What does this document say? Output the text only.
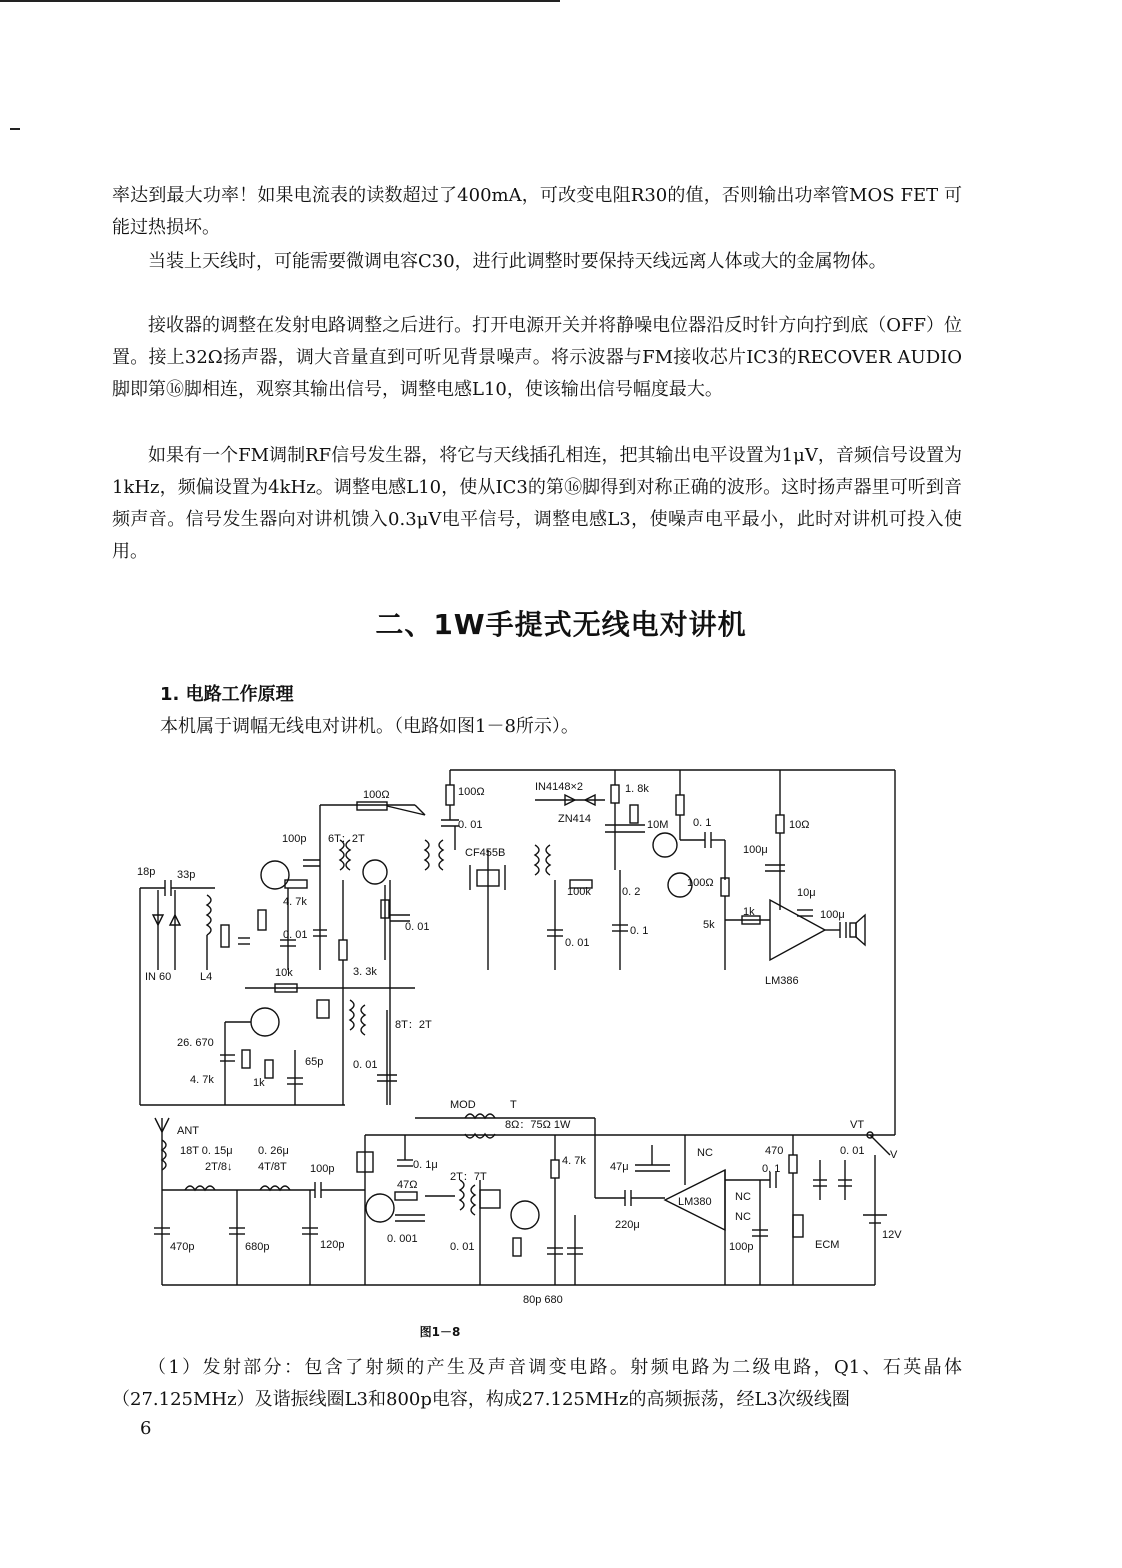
率达到最大功率！如果电流表的读数超过了400mA，可改变电阻R30的值，否则输出功率管MOS FET 可能过热损坏。

当装上天线时，可能需要微调电容C30，进行此调整时要保持天线远离人体或大的金属物体。

接收器的调整在发射电路调整之后进行。打开电源开关并将静噪电位器沿反时针方向拧到底（OFF）位置。接上32Ω扬声器，调大音量直到可听见背景噪声。将示波器与FM接收芯片IC3的RECOVER AUDIO脚即第⑯脚相连，观察其输出信号，调整电感L10，使该输出信号幅度最大。

如果有一个FM调制RF信号发生器，将它与天线插孔相连，把其输出电平设置为1μV，音频信号设置为1kHz，频偏设置为4kHz。调整电感L10，使从IC3的第⑯脚得到对称正确的波形。这时扬声器里可听到音频声音。信号发生器向对讲机馈入0.3μV电平信号，调整电感L3，使噪声电平最小，此时对讲机可投入使用。

二、1W手提式无线电对讲机
1. 电路工作原理
本机属于调幅无线电对讲机。（电路如图1－8所示）。
100Ω	100Ω
0. 01
IN4148×2	1. 8k
ZN414	10M 0. 1	10Ω
100p 6T：2T
CF455B	100μ
18p 33p
4. 7k
0. 01
0. 01
100k	0. 2
100Ω
10μ
100μ
1k
5k
0. 01
0. 1
IN 60	L4	3. 3k
10k
LM386
8T：2T
26. 670
65p
4. 7k	1k
0. 01
MOD	T
8Ω：75Ω 1W	VT
ANT
18T 0. 15μ
2T/8↓
0. 26μ
4T/8T 100p	0. 1μ
47Ω
2T：7T
4. 7k 47μ
NC	470	0. 01 V
0. 1
LM380 NC
NC
220μ
470p	680p	120p	0. 001
0. 01	100p	ECM
12V
80p 680
图1－8

（1）发射部分：包含了射频的产生及声音调变电路。射频电路为二级电路，Q1、石英晶体（27.125MHz）及谐振线圈L3和800p电容，构成27.125MHz的高频振荡，经L3次级线圈

6
